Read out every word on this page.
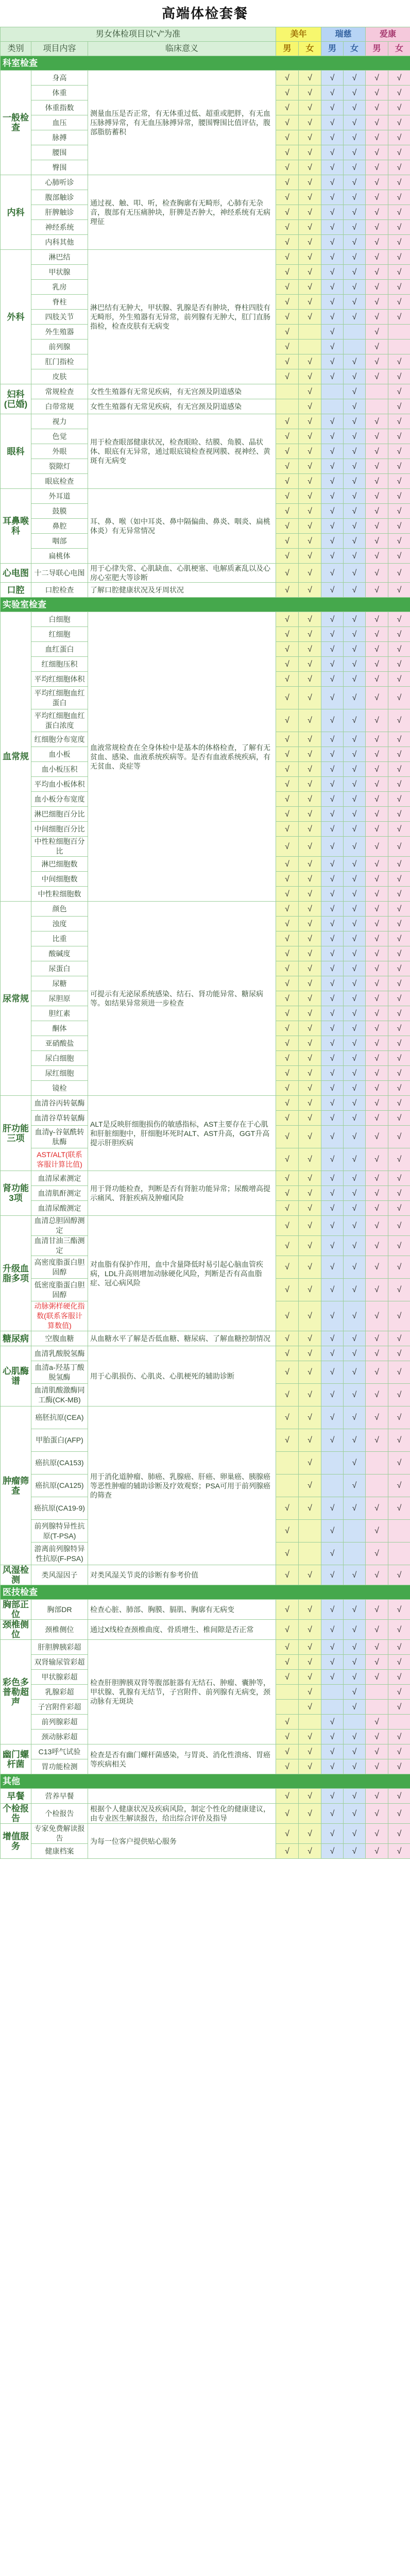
高端体检套餐
男女体检项目以"√"为准	美年	瑞慈	爱康
类别	项目内容	临床意义	男	女	男	女	男	女
科室检查
一般检查	身高	测量血压是否正常，有无体重过低、超重或肥胖，有无血压脉搏异常，有无血压脉搏异常，腰围臀围比值评估，腹部脂肪蓄积	√	√	√	√	√	√
体重	√	√	√	√	√	√
体重指数	√	√	√	√	√	√
血压	√	√	√	√	√	√
脉搏	√	√	√	√	√	√
腰围	√	√	√	√	√	√
臀围	√	√	√	√	√	√
内科	心肺听诊	通过视、触、叩、听，检查胸廓有无畸形，心肺有无杂音，腹部有无压痛肿块，肝脾是否肿大，神经系统有无病理征	√	√	√	√	√	√
腹部触诊	√	√	√	√	√	√
肝脾触诊	√	√	√	√	√	√
神经系统	√	√	√	√	√	√
内科其他	√	√	√	√	√	√
外科	淋巴结	淋巴结有无肿大，甲状腺、乳腺是否有肿块，脊柱四肢有无畸形，外生殖器有无异常，前列腺有无肿大，肛门直肠指检，检查皮肤有无病变	√	√	√	√	√	√
甲状腺	√	√	√	√	√	√
乳房	√	√	√	√	√	√
脊柱	√	√	√	√	√	√
四肢关节	√	√	√	√	√	√
外生殖器	√		√		√	
前列腺	√		√		√	
肛门指检	√	√	√	√	√	√
皮肤	√	√	√	√	√	√
妇科(已婚)	常规检查	女性生殖器有无常见疾病，有无宫颈及阴道感染		√		√		√
白带常规	女性生殖器有无常见疾病，有无宫颈及阴道感染		√		√		√
眼科	视力	用于检查眼部健康状况，检查眼睑、结膜、角膜、晶状体、眼底有无异常，通过眼底镜检查视网膜、视神经、黄斑有无病变	√	√	√	√	√	√
色觉	√	√	√	√	√	√
外眼	√	√	√	√	√	√
裂隙灯	√	√	√	√	√	√
眼底检查	√	√	√	√	√	√
耳鼻喉科	外耳道	耳、鼻、喉（如中耳炎、鼻中隔偏曲、鼻炎、咽炎、扁桃体炎）有无异常情况	√	√	√	√	√	√
鼓膜	√	√	√	√	√	√
鼻腔	√	√	√	√	√	√
咽部	√	√	√	√	√	√
扁桃体	√	√	√	√	√	√
心电图	十二导联心电图	用于心律失常、心肌缺血、心肌梗塞、电解质紊乱以及心房心室肥大等诊断	√	√	√	√	√	√
口腔	口腔检查	了解口腔健康状况及牙周状况	√	√	√	√	√	√
实验室检查
血常规	白细胞	血液常规检查在全身体检中是基本的体格检查，了解有无贫血、感染、血液系统疾病等。是否有血液系统疾病，有无贫血、炎症等	√	√	√	√	√	√
红细胞	√	√	√	√	√	√
血红蛋白	√	√	√	√	√	√
红细胞压积	√	√	√	√	√	√
平均红细胞体积	√	√	√	√	√	√
平均红细胞血红蛋白	√	√	√	√	√	√
平均红细胞血红蛋白浓度	√	√	√	√	√	√
红细胞分布宽度	√	√	√	√	√	√
血小板	√	√	√	√	√	√
血小板压积	√	√	√	√	√	√
平均血小板体积	√	√	√	√	√	√
血小板分布宽度	√	√	√	√	√	√
淋巴细胞百分比	√	√	√	√	√	√
中间细胞百分比	√	√	√	√	√	√
中性粒细胞百分比	√	√	√	√	√	√
淋巴细胞数	√	√	√	√	√	√
中间细胞数	√	√	√	√	√	√
中性粒细胞数	√	√	√	√	√	√
尿常规	颜色	可提示有无泌尿系统感染、结石、肾功能异常、糖尿病等。如结果异常须进一步检查	√	√	√	√	√	√
浊度	√	√	√	√	√	√
比重	√	√	√	√	√	√
酸碱度	√	√	√	√	√	√
尿蛋白	√	√	√	√	√	√
尿糖	√	√	√	√	√	√
尿胆原	√	√	√	√	√	√
胆红素	√	√	√	√	√	√
酮体	√	√	√	√	√	√
亚硝酸盐	√	√	√	√	√	√
尿白细胞	√	√	√	√	√	√
尿红细胞	√	√	√	√	√	√
镜检	√	√	√	√	√	√
肝功能三项	血清谷丙转氨酶	ALT是反映肝细胞损伤的敏感指标，AST主要存在于心肌和肝脏细胞中，肝细胞坏死时ALT、AST升高，GGT升高提示肝胆疾病	√	√	√	√	√	√
血清谷草转氨酶	√	√	√	√	√	√
血清γ-谷氨酰转肽酶	√	√	√	√	√	√
AST/ALT(联系客服计算比值)	√	√	√	√	√	√
肾功能3项	血清尿素测定	用于肾功能检查，判断是否有肾脏功能异常；尿酸增高提示痛风、肾脏疾病及肿瘤风险	√	√	√	√	√	√
血清肌酐测定	√	√	√	√	√	√
血清尿酸测定	√	√	√	√	√	√
升级血脂多项	血清总胆固醇测定	对血脂有保护作用，血中含量降低时易引起心脑血管疾病，LDL升高则增加动脉硬化风险，判断是否有高血脂症、冠心病风险	√	√	√	√	√	√
血清甘油三酯测定	√	√	√	√	√	√
高密度脂蛋白胆固醇	√	√	√	√	√	√
低密度脂蛋白胆固醇	√	√	√	√	√	√
动脉粥样硬化指数(联系客服计算数值)	√	√	√	√	√	√
糖尿病	空腹血糖	从血糖水平了解是否低血糖、糖尿病、了解血糖控制情况	√	√	√	√	√	√
心肌酶谱	血清乳酸脱氢酶	用于心肌损伤、心肌炎、心肌梗死的辅助诊断	√	√	√	√	√	√
血清a-羟基丁酸脱氢酶	√	√	√	√	√	√
血清肌酸激酶同工酶(CK-MB)	√	√	√	√	√	√
肿瘤筛查	癌胚抗原(CEA)	用于消化道肿瘤、肺癌、乳腺癌、肝癌、卵巢癌、胰腺癌等恶性肿瘤的辅助诊断及疗效观察；PSA可用于前列腺癌的筛查	√	√	√	√	√	√
甲胎蛋白(AFP)	√	√	√	√	√	√
癌抗原(CA153)		√		√		√
癌抗原(CA125)		√		√		√
癌抗原(CA19-9)	√	√	√	√	√	√
前列腺特异性抗原(T-PSA)	√		√		√	
游离前列腺特异性抗原(F-PSA)	√		√		√	
风湿检测	类风湿因子	对类风湿关节炎的诊断有参考价值	√	√	√	√	√	√
医技检查
胸部正位	胸部DR	检查心脏、肺部、胸膜、膈肌、胸廓有无病变	√	√	√	√	√	√
颈椎侧位	颈椎侧位	通过X线检查颈椎曲度、骨质增生、椎间隙是否正常	√	√	√	√	√	√
彩色多普勒超声	肝胆脾胰彩超	检查肝胆脾胰双肾等腹部脏器有无结石、肿瘤、囊肿等，甲状腺、乳腺有无结节，子宫附件、前列腺有无病变，颈动脉有无斑块	√	√	√	√	√	√
双肾输尿管彩超	√	√	√	√	√	√
甲状腺彩超	√	√	√	√	√	√
乳腺彩超		√		√		√
子宫附件彩超		√		√		√
前列腺彩超	√		√		√	
颈动脉彩超	√	√	√	√	√	√
幽门螺杆菌	C13呼气试验	检查是否有幽门螺杆菌感染，与胃炎、消化性溃疡、胃癌等疾病相关	√	√	√	√	√	√
胃功能检测	√	√	√	√	√	√
其他
早餐	营养早餐		√	√	√	√	√	√
个检报告	个检报告	根据个人健康状况及疾病风险，制定个性化的健康建议，由专业医生解读报告，给出综合评价及指导	√	√	√	√	√	√
增值服务	专家免费解读报告	为每一位客户提供贴心服务	√	√	√	√	√	√
健康档案	√	√	√	√	√	√
